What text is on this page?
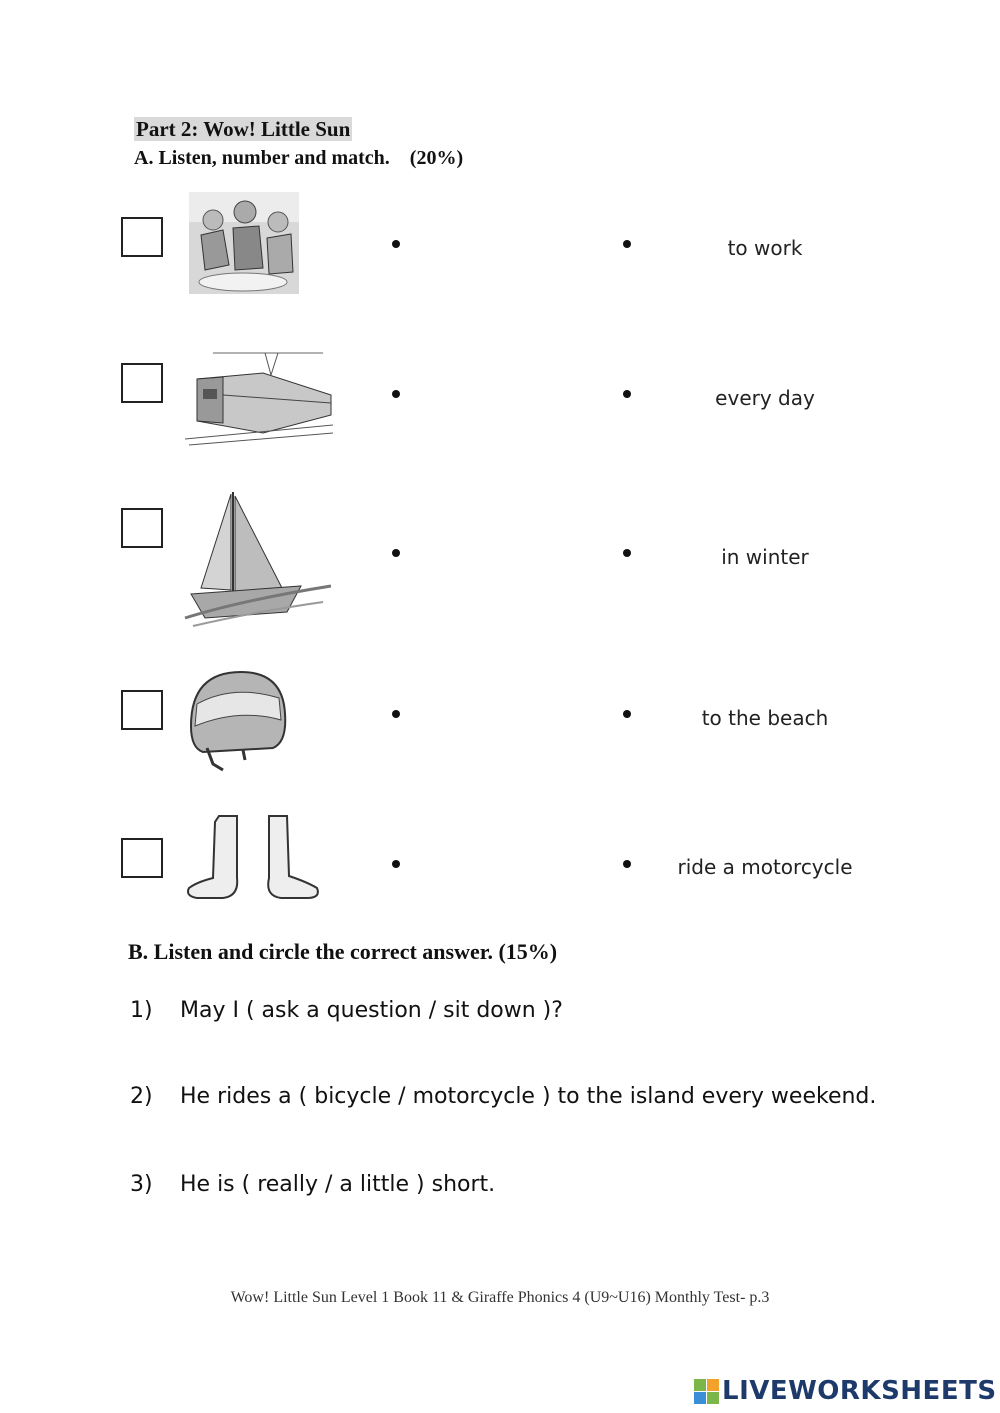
Part 2: Wow! Little Sun
A. Listen, number and match. (20%)
to work
every day
in winter
to the beach
ride a motorcycle
B. Listen and circle the correct answer. (15%)
1) May I ( ask a question / sit down )?
2) He rides a ( bicycle / motorcycle ) to the island every weekend.
3) He is ( really / a little ) short.
Wow! Little Sun Level 1 Book 11 & Giraffe Phonics 4 (U9~U16) Monthly Test- p.3
LIVEWORKSHEETS
